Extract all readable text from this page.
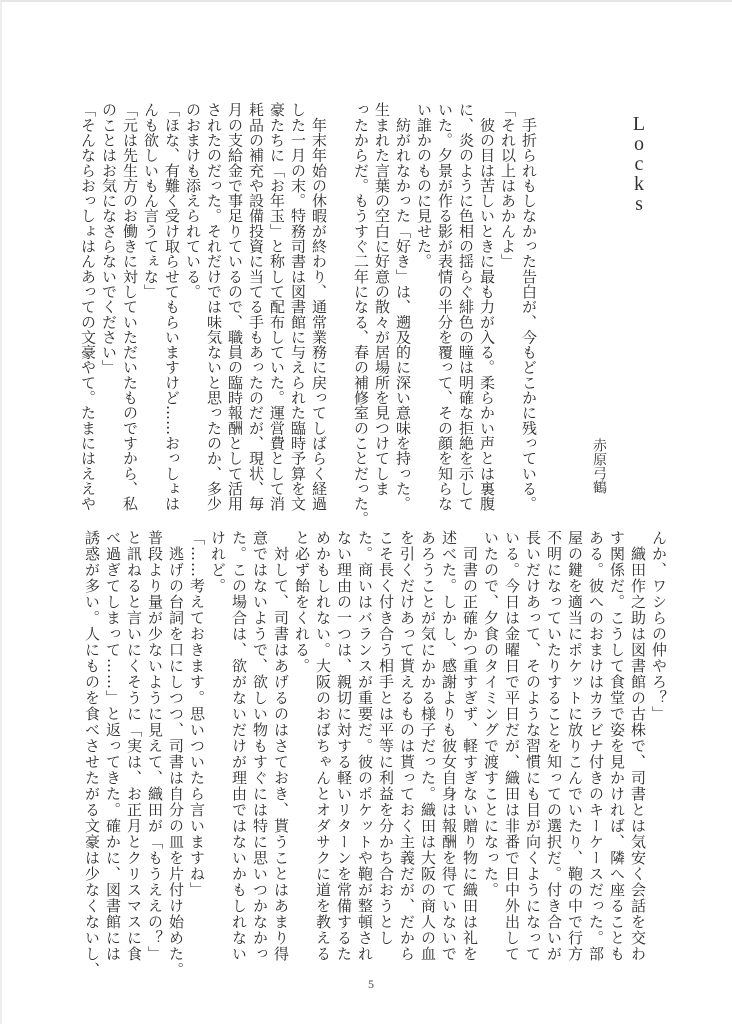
L
o
c
k
s
赤原弓鶴
　手折られもしなかった告白が、今もどこかに残っている。
「それ以上はあかんよ」
　彼の目は苦しいときに最も力が入る。柔らかい声とは裏腹
に、炎のように色相の揺らぐ緋色の瞳は明確な拒絶を示して
いた。夕景が作る影が表情の半分を覆って、その顔を知らな
い誰かのものに見せた。
　紡がれなかった「好き」は、遡及的に深い意味を持った。
生まれた言葉の空白に好意の散々が居場所を見つけてしま
ったからだ。もうすぐ二年になる、春の補修室のことだった。
　年末年始の休暇が終わり、通常業務に戻ってしばらく経過
した一月の末。特務司書は図書館に与えられた臨時予算を文
豪たちに「お年玉」と称して配布していた。運営費として消
耗品の補充や設備投資に当てる手もあったのだが、現状、毎
月の支給金で事足りているので、職員の臨時報酬として活用
されたのだった。それだけでは味気ないと思ったのか、多少
のおまけも添えられている。
「ほな、有難く受け取らせてもらいますけど……おっしょは
んも欲しいもん言うてぇな」
「元は先生方のお働きに対していただいたものですから、私
のことはお気になさらないでください」
「そんならおっしょはんあっての文豪やて。たまにはええや
んか、ワシらの仲やろ？」
　織田作之助は図書館の古株で、司書とは気安く会話を交わ
す関係だ。こうして食堂で姿を見かければ、隣へ座ることも
ある。彼へのおまけはカラビナ付きのキーケースだった。部
屋の鍵を適当にポケットに放りこんでいたり、鞄の中で行方
不明になっていたりすることを知っての選択だ。付き合いが
長いだけあって、そのような習慣にも目が向くようになって
いる。今日は金曜日で平日だが、織田は非番で日中外出して
いたので、夕食のタイミングで渡すことになった。
　司書の正確かつ重すぎず、軽すぎない贈り物に織田は礼を
述べた。しかし、感謝よりも彼女自身は報酬を得ていないで
あろうことが気にかかる様子だった。織田は大阪の商人の血
を引くだけあって貰えるものは貰っておく主義だが、だから
こそ長く付き合う相手とは平等に利益を分かち合おうとし
た。商いはバランスが重要だ。彼のポケットや鞄が整頓され
ない理由の一つは、親切に対する軽いリターンを常備するた
めかもしれない。大阪のおばちゃんとオダサクに道を教える
と必ず飴をくれる。
　対して、司書はあげるのはさておき、貰うことはあまり得
意ではないようで、欲しい物もすぐには特に思いつかなかっ
た。この場合は、欲がないだけが理由ではないかもしれない
けれど。
「……考えておきます。思いついたら言いますね」
　逃げの台詞を口にしつつ、司書は自分の皿を片付け始めた。
普段より量が少ないように見えて、織田が「もうええの？」
と訊ねると言いにくそうに「実は、お正月とクリスマスに食
べ過ぎてしまって……」と返ってきた。確かに、図書館には
誘惑が多い。人にものを食べさせたがる文豪は少なくないし、
5
